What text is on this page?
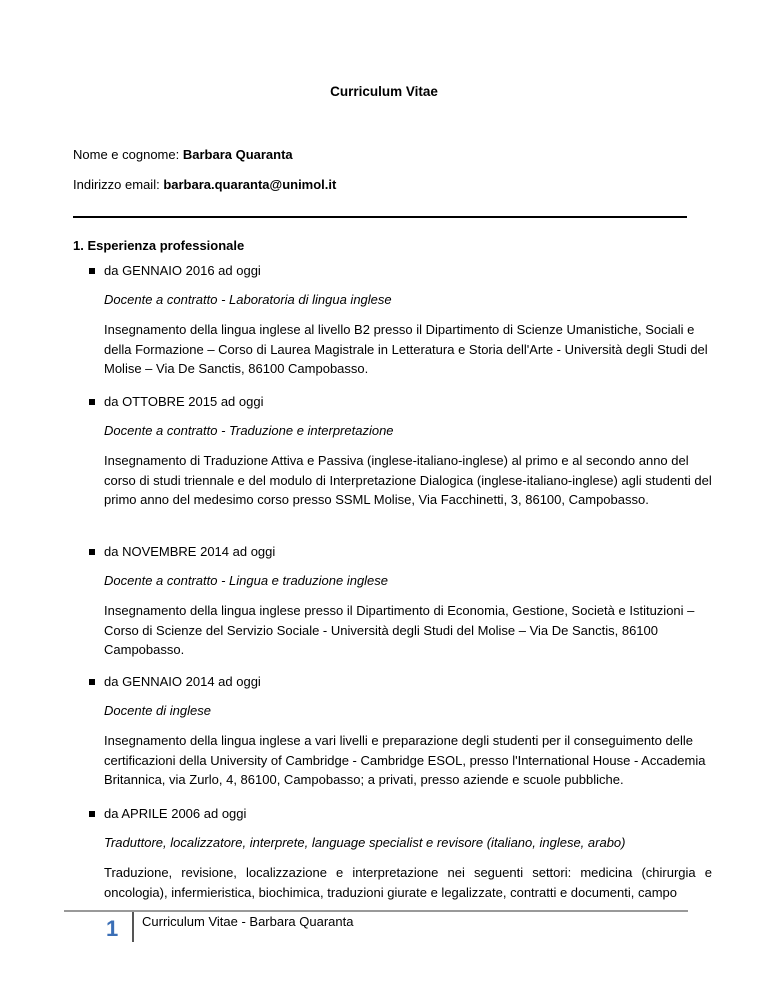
Curriculum Vitae
Nome e cognome: Barbara Quaranta
Indirizzo email: barbara.quaranta@unimol.it
1. Esperienza professionale
da GENNAIO 2016 ad oggi
Docente a contratto - Laboratoria di lingua inglese
Insegnamento della lingua inglese al livello B2 presso il Dipartimento di Scienze Umanistiche, Sociali e della Formazione – Corso di Laurea Magistrale in Letteratura e Storia dell'Arte - Università degli Studi del Molise – Via De Sanctis, 86100 Campobasso.
da OTTOBRE 2015 ad oggi
Docente a contratto - Traduzione e interpretazione
Insegnamento di Traduzione Attiva e Passiva (inglese-italiano-inglese) al primo e al secondo anno del corso di studi triennale e del modulo di Interpretazione Dialogica (inglese-italiano-inglese) agli studenti del primo anno del medesimo corso presso SSML Molise, Via Facchinetti, 3, 86100, Campobasso.
da NOVEMBRE 2014 ad oggi
Docente a contratto - Lingua e traduzione inglese
Insegnamento della lingua inglese presso il Dipartimento di Economia, Gestione, Società e Istituzioni – Corso di Scienze del Servizio Sociale - Università degli Studi del Molise – Via De Sanctis, 86100 Campobasso.
da GENNAIO 2014 ad oggi
Docente di inglese
Insegnamento della lingua inglese a vari livelli e preparazione degli studenti per il conseguimento delle certificazioni della University of Cambridge - Cambridge ESOL, presso l'International House - Accademia Britannica, via Zurlo, 4, 86100, Campobasso; a privati, presso aziende e scuole pubbliche.
da APRILE 2006 ad oggi
Traduttore, localizzatore, interprete, language specialist e revisore (italiano, inglese, arabo)
Traduzione, revisione, localizzazione e interpretazione nei seguenti settori: medicina (chirurgia e oncologia), infermieristica, biochimica, traduzioni giurate e legalizzate, contratti e documenti, campo
1 Curriculum Vitae - Barbara Quaranta
